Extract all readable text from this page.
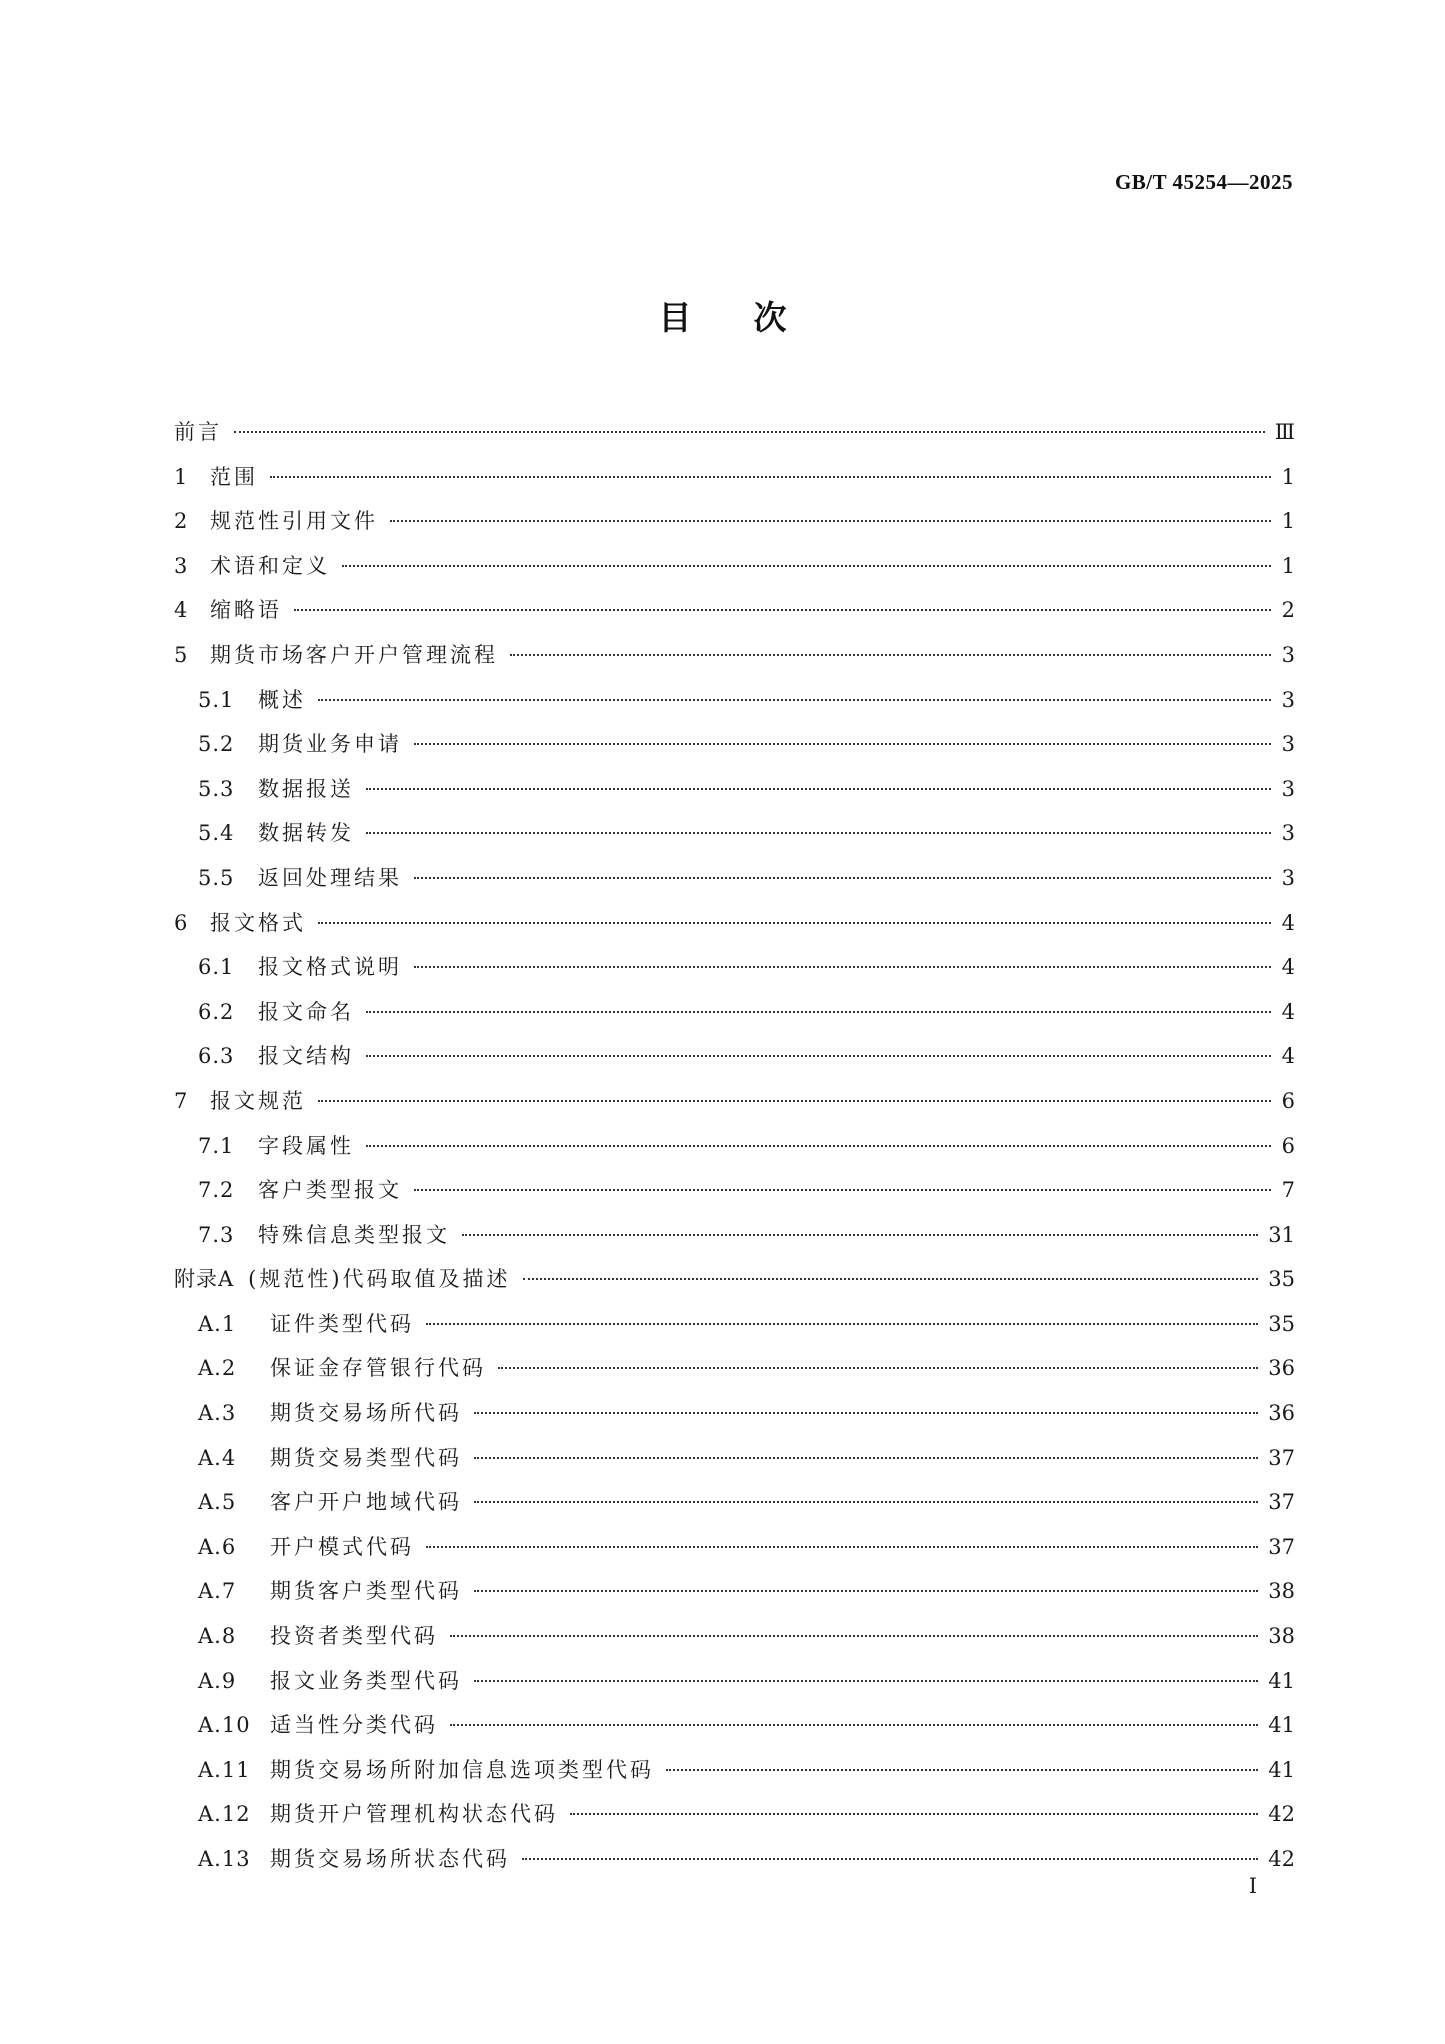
GB/T 45254—2025
目次
前言	Ⅲ
1	范围	1
2	规范性引用文件	1
3	术语和定义	1
4	缩略语	2
5	期货市场客户开户管理流程	3
5.1	概述	3
5.2	期货业务申请	3
5.3	数据报送	3
5.4	数据转发	3
5.5	返回处理结果	3
6	报文格式	4
6.1	报文格式说明	4
6.2	报文命名	4
6.3	报文结构	4
7	报文规范	6
7.1	字段属性	6
7.2	客户类型报文	7
7.3	特殊信息类型报文	31
附录A (规范性)代码取值及描述	35
A.1	证件类型代码	35
A.2	保证金存管银行代码	36
A.3	期货交易场所代码	36
A.4	期货交易类型代码	37
A.5	客户开户地域代码	37
A.6	开户模式代码	37
A.7	期货客户类型代码	38
A.8	投资者类型代码	38
A.9	报文业务类型代码	41
A.10 适当性分类代码	41
A.11 期货交易场所附加信息选项类型代码	41
A.12 期货开户管理机构状态代码	42
A.13 期货交易场所状态代码	42
Ⅰ
